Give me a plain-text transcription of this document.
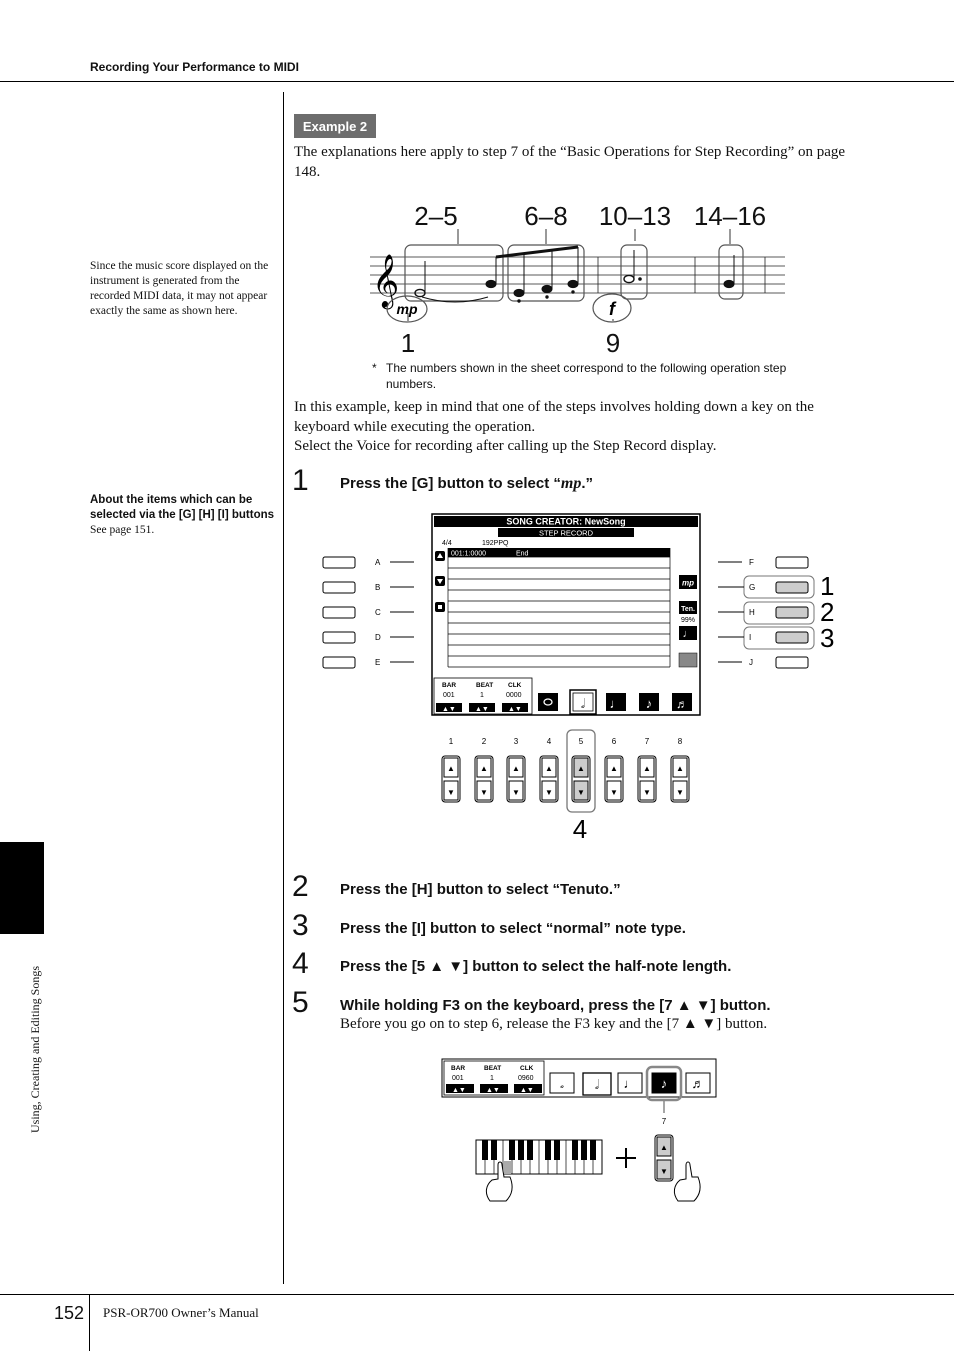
Recording Your Performance to MIDI
Since the music score displayed on the instrument is generated from the recorded MIDI data, it may not appear exactly the same as shown here.
About the items which can be selected via the [G] [H] [I] buttons
See page 151.
Example 2
The explanations here apply to step 7 of the “Basic Operations for Step Recording” on page 148.
2–5	6–8 10–13 14–16
1	9
𝄞
mp	f
* The numbers shown in the sheet correspond to the following operation step numbers.
In this example, keep in mind that one of the steps involves holding down a key on the keyboard while executing the operation.
Select the Voice for recording after calling up the Step Record display.
1 Press the [G] button to select “mp.”
SONG CREATOR: NewSong
STEP RECORD
4/4	192PPQ
001:1:0000	End
mp
Ten.
99%
♩
BAR	BEAT CLK
001	1	0000
▲▼	▲▼	▲▼	𝅗𝅥 ♩ ♪ ♬
A
B
C
D
E
F
G
H
I
J
1
2
3
4
1	2	3	4	5	6	7	8
▲
▼
▲
▼
▲
▼
▲
▼
▲
▼
▲
▼
▲
▼
▲
▼
2 Press the [H] button to select “Tenuto.”
3 Press the [I] button to select “normal” note type.
4 Press the [5 ▲ ▼] button to select the half-note length.
5 While holding F3 on the keyboard, press the [7 ▲ ▼] button.
Before you go on to step 6, release the F3 key and the [7 ▲ ▼] button.
BAR	BEAT	CLK
001	1	0960
▲▼	▲▼	▲▼ 𝅗 𝅗𝅥 ♩ ♪ ♬
7
▲
▼
Using, Creating and Editing Songs
152 PSR-OR700 Owner’s Manual
